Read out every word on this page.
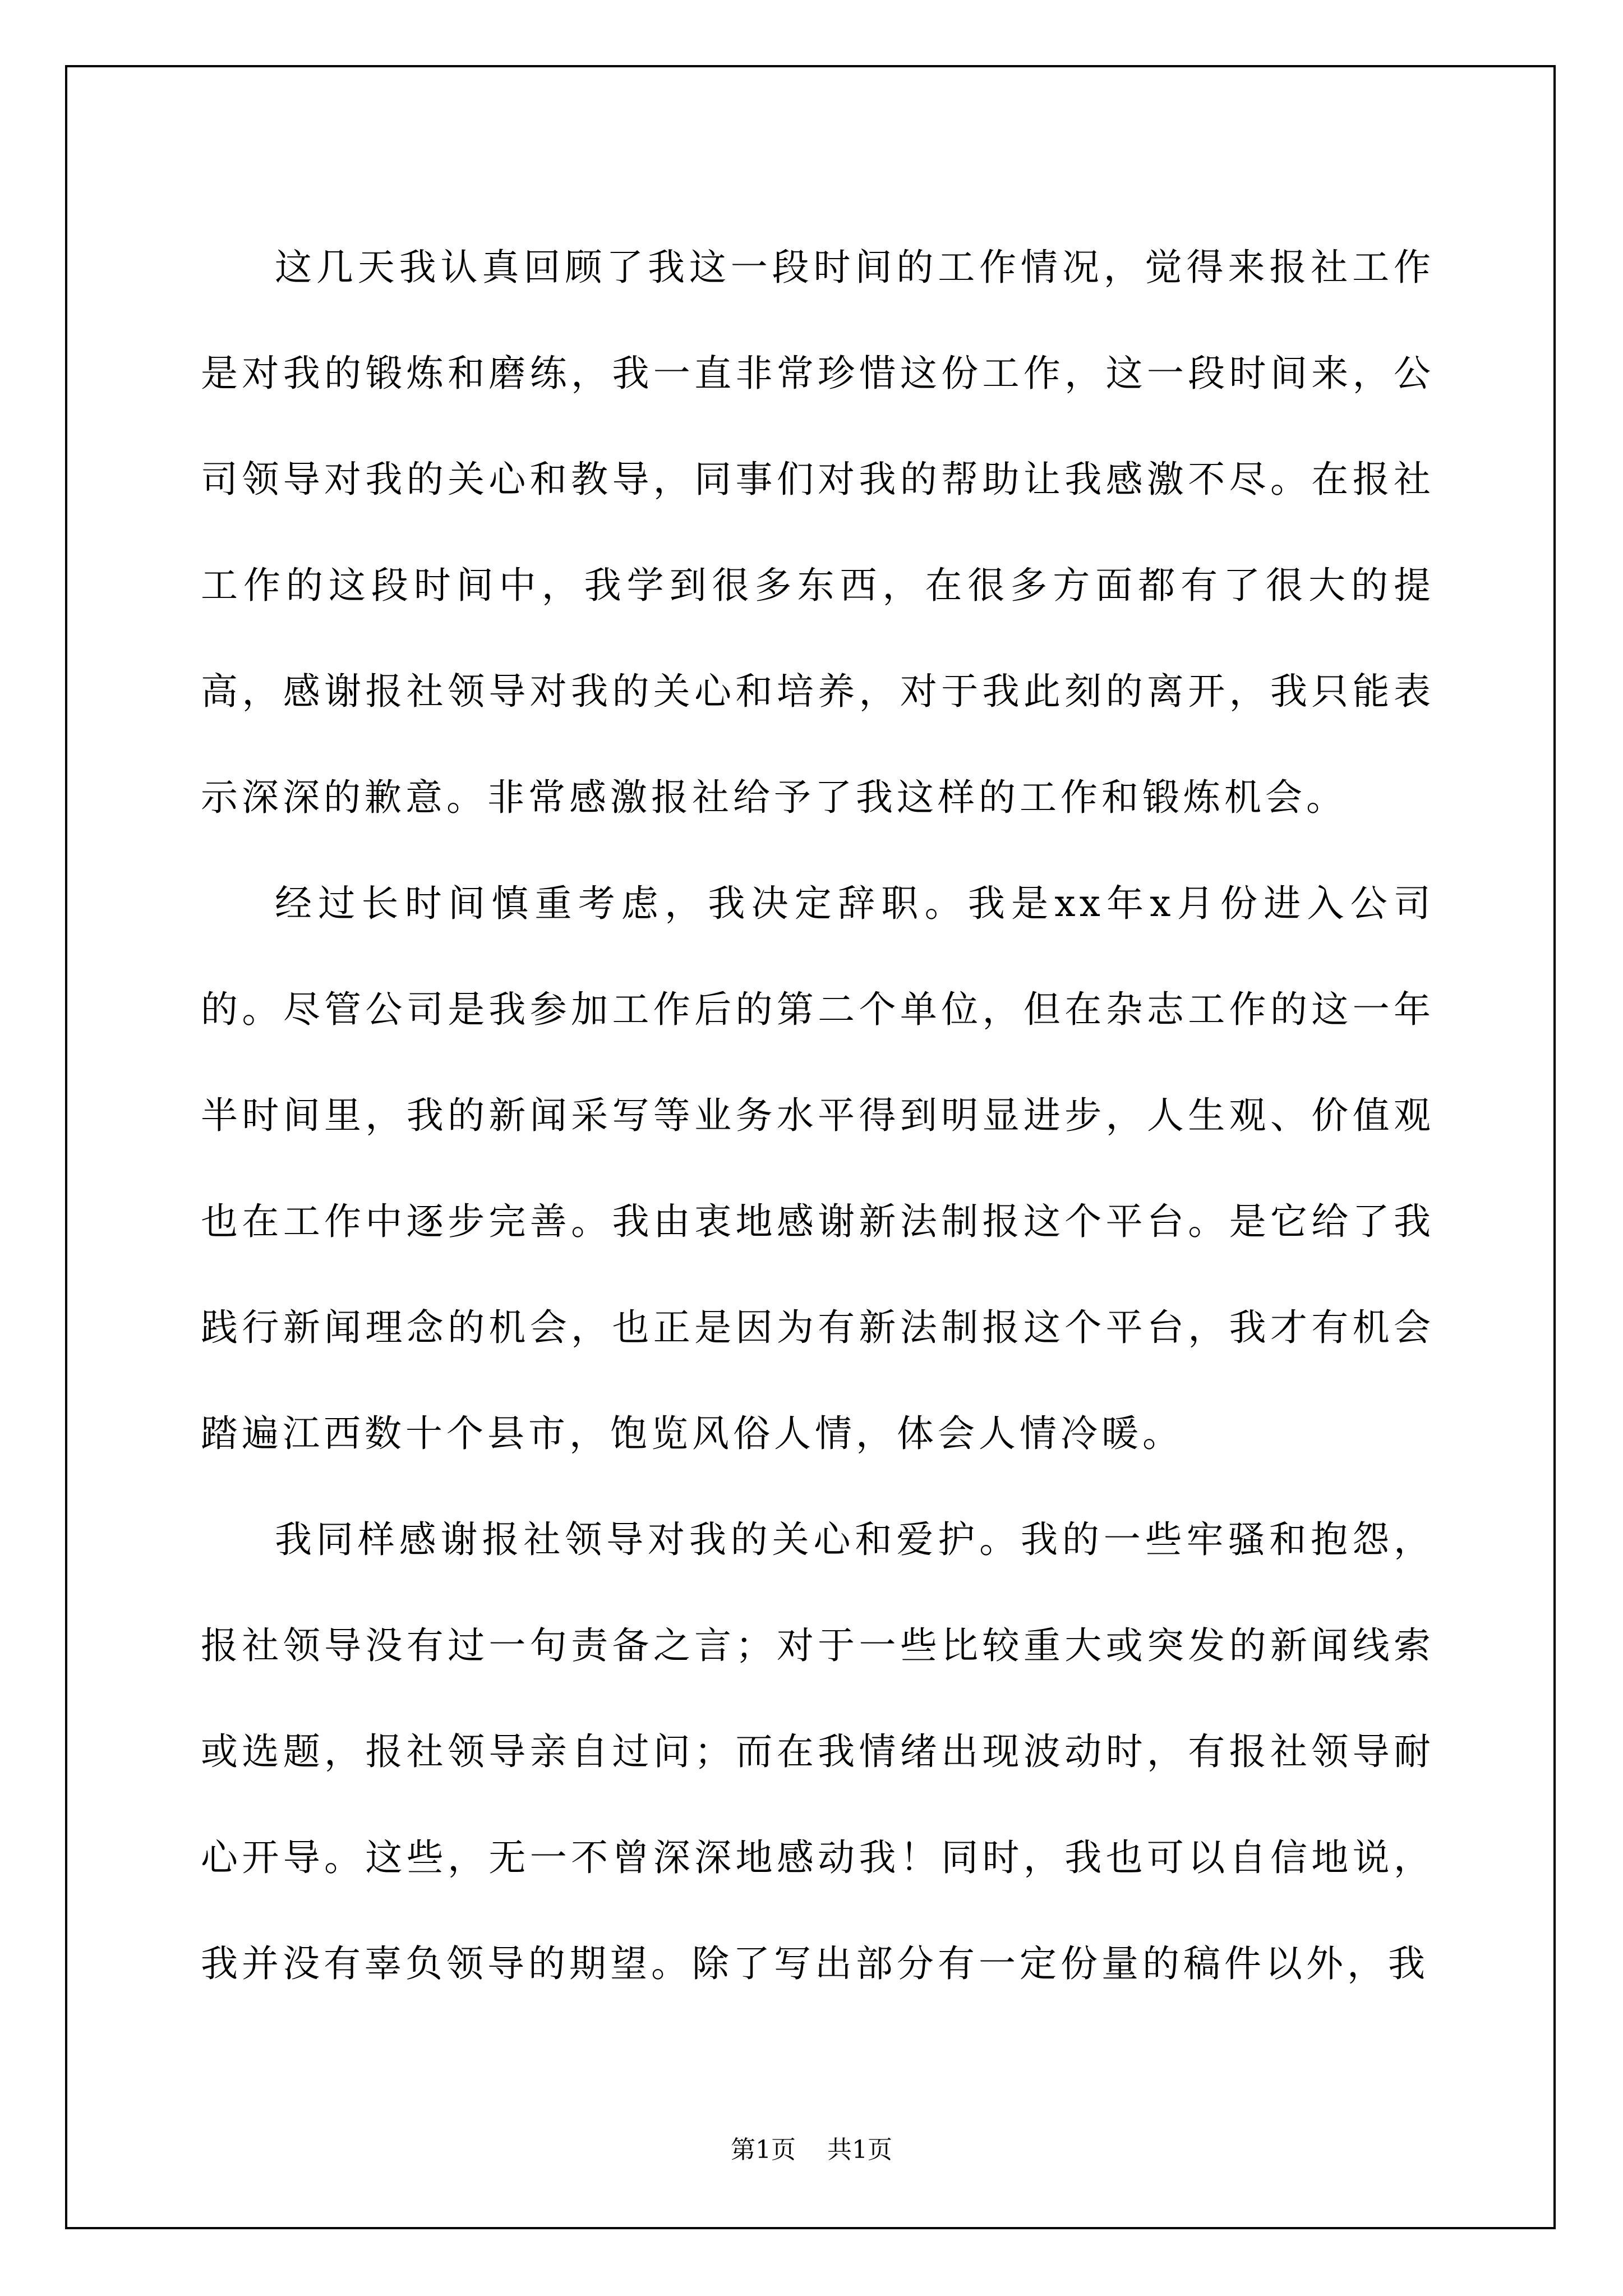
这几天我认真回顾了我这一段时间的工作情况，觉得来报社工作是对我的锻炼和磨练，我一直非常珍惜这份工作，这一段时间来，公司领导对我的关心和教导，同事们对我的帮助让我感激不尽。在报社工作的这段时间中，我学到很多东西，在很多方面都有了很大的提高，感谢报社领导对我的关心和培养，对于我此刻的离开，我只能表示深深的歉意。非常感激报社给予了我这样的工作和锻炼机会。

经过长时间慎重考虑，我决定辞职。我是xx年x月份进入公司的。尽管公司是我参加工作后的第二个单位，但在杂志工作的这一年半时间里，我的新闻采写等业务水平得到明显进步，人生观、价值观也在工作中逐步完善。我由衷地感谢新法制报这个平台。是它给了我践行新闻理念的机会，也正是因为有新法制报这个平台，我才有机会踏遍江西数十个县市，饱览风俗人情，体会人情冷暖。

我同样感谢报社领导对我的关心和爱护。我的一些牢骚和抱怨，报社领导没有过一句责备之言；对于一些比较重大或突发的新闻线索或选题，报社领导亲自过问；而在我情绪出现波动时，有报社领导耐心开导。这些，无一不曾深深地感动我！同时，我也可以自信地说，我并没有辜负领导的期望。除了写出部分有一定份量的稿件以外，我

第1页 共1页
